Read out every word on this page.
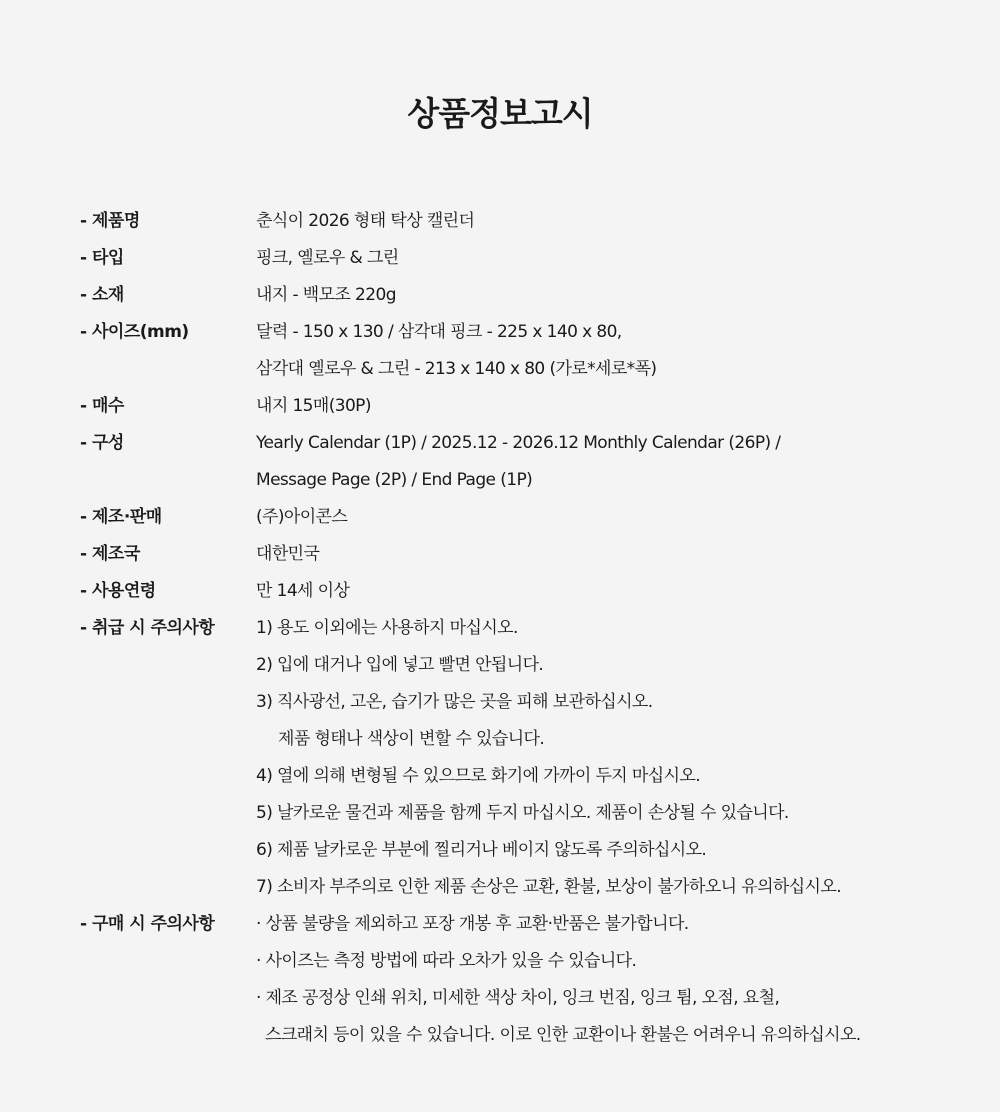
상품정보고시
- 제품명	춘식이 2026 형태 탁상 캘린더
- 타입	핑크, 옐로우 & 그린
- 소재	내지 - 백모조 220g
- 사이즈(mm)	달력 - 150 x 130 / 삼각대 핑크 - 225 x 140 x 80,
삼각대 옐로우 & 그린 - 213 x 140 x 80 (가로*세로*폭)
- 매수	내지 15매(30P)
- 구성	Yearly Calendar (1P) / 2025.12 - 2026.12 Monthly Calendar (26P) /
Message Page (2P) / End Page (1P)
- 제조·판매	(주)아이콘스
- 제조국	대한민국
- 사용연령	만 14세 이상
- 취급 시 주의사항	1) 용도 이외에는 사용하지 마십시오.
2) 입에 대거나 입에 넣고 빨면 안됩니다.
3) 직사광선, 고온, 습기가 많은 곳을 피해 보관하십시오.
제품 형태나 색상이 변할 수 있습니다.
4) 열에 의해 변형될 수 있으므로 화기에 가까이 두지 마십시오.
5) 날카로운 물건과 제품을 함께 두지 마십시오. 제품이 손상될 수 있습니다.
6) 제품 날카로운 부분에 찔리거나 베이지 않도록 주의하십시오.
7) 소비자 부주의로 인한 제품 손상은 교환, 환불, 보상이 불가하오니 유의하십시오.
- 구매 시 주의사항	· 상품 불량을 제외하고 포장 개봉 후 교환·반품은 불가합니다.
· 사이즈는 측정 방법에 따라 오차가 있을 수 있습니다.
· 제조 공정상 인쇄 위치, 미세한 색상 차이, 잉크 번짐, 잉크 튐, 오점, 요철,
스크래치 등이 있을 수 있습니다. 이로 인한 교환이나 환불은 어려우니 유의하십시오.
